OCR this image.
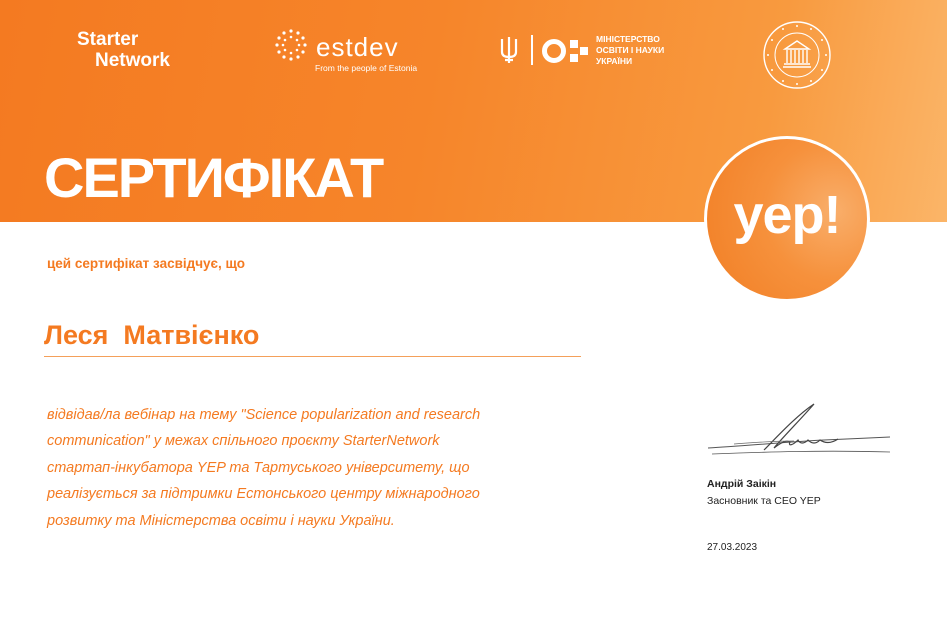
Starter
Network	estdev
From the people of Estonia
МІНІСТЕРСТВО
ОСВІТИ І НАУКИ
УКРАЇНИ
СЕРТИФІКАТ
yep!
цей сертифікат засвідчує, що
Леся  Матвієнко
відвідав/ла вебінар на тему "Science popularization and research
communication" у межах спільного проєкту StarterNetwork
стартап-інкубатора YEP та Тартуського університету, що
реалізується за підтримки Естонського центру міжнародного
розвитку та Міністерства освіти і науки України.
Андрій Заікін
Засновник та CEO YEP
27.03.2023
